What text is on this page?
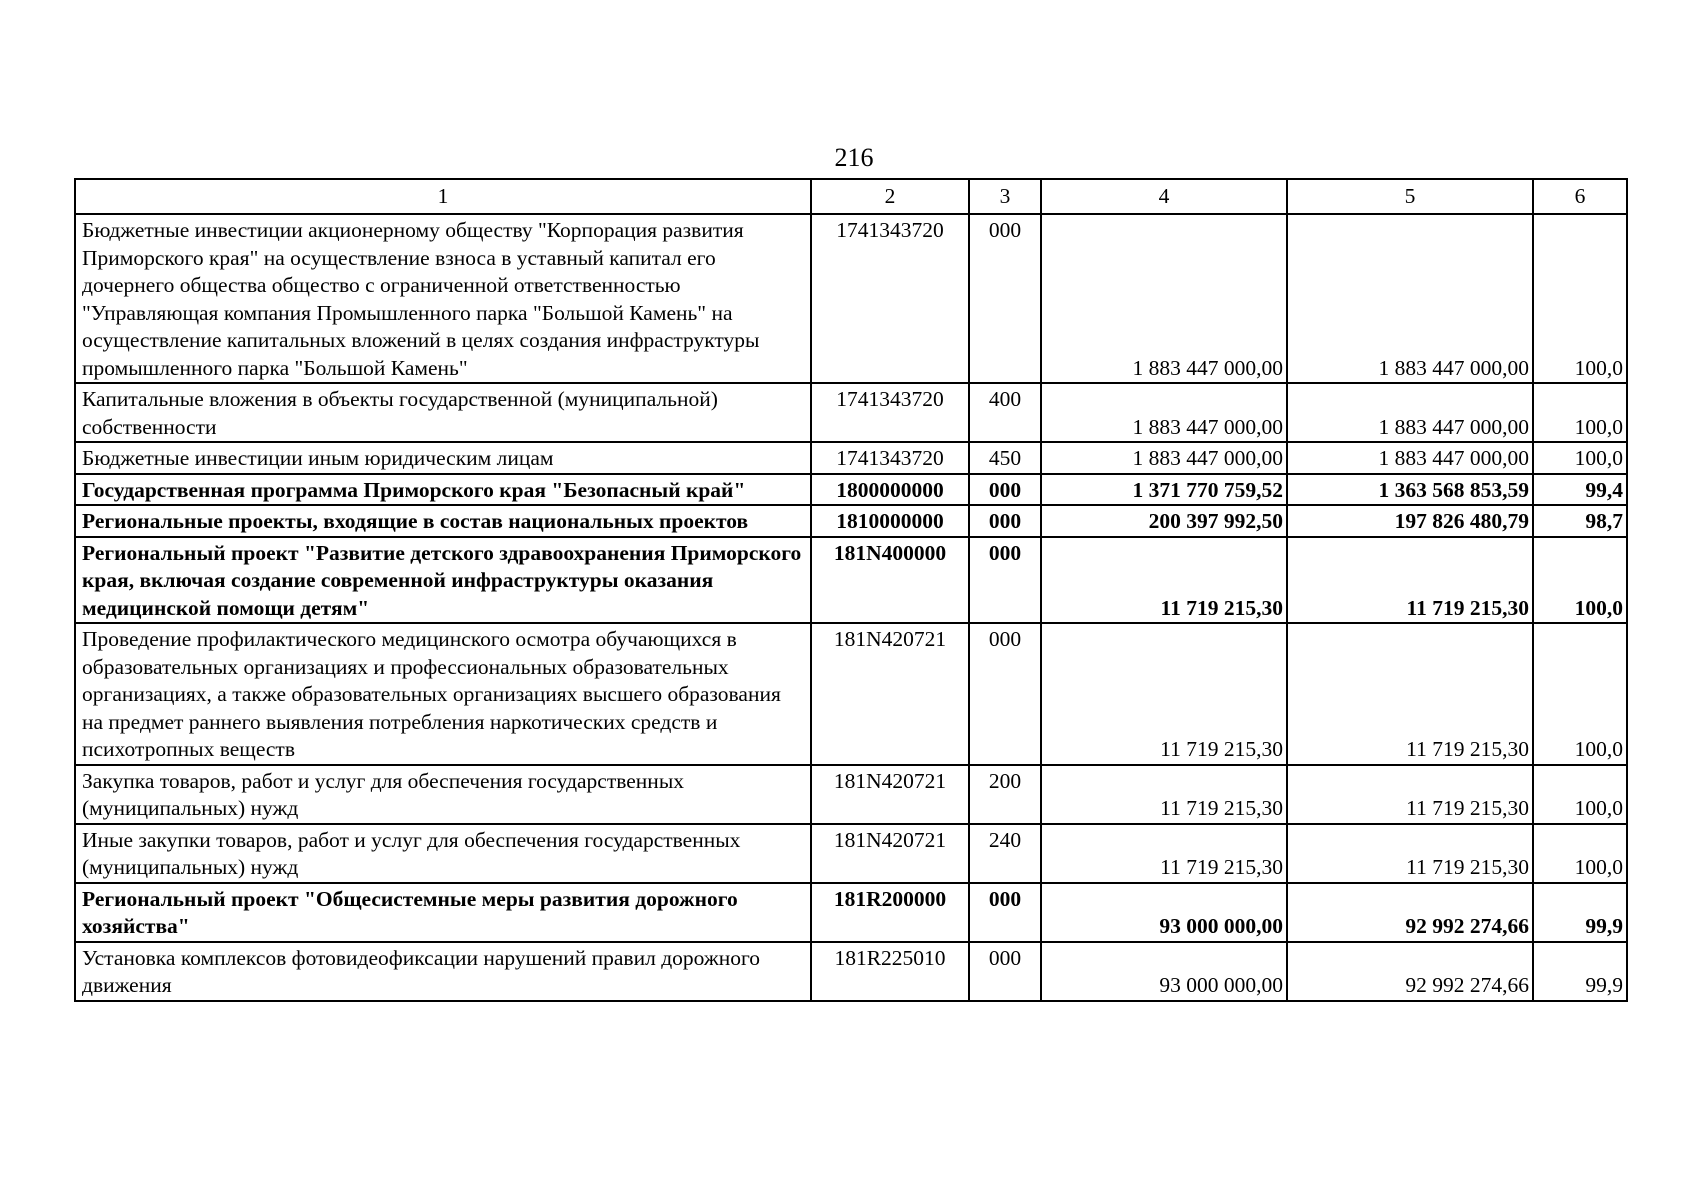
216
1	2	3	4	5	6
Бюджетные инвестиции акционерному обществу "Корпорация развития Приморского края" на осуществление взноса в уставный капитал его дочернего общества общество с ограниченной ответственностью "Управляющая компания Промышленного парка "Большой Камень" на осуществление капитальных вложений в целях создания инфраструктуры промышленного парка "Большой Камень"	1741343720	000	1 883 447 000,00	1 883 447 000,00	100,0
Капитальные вложения в объекты государственной (муниципальной) собственности	1741343720	400	1 883 447 000,00	1 883 447 000,00	100,0
Бюджетные инвестиции иным юридическим лицам	1741343720	450	1 883 447 000,00	1 883 447 000,00	100,0
Государственная программа Приморского края "Безопасный край"	1800000000	000	1 371 770 759,52	1 363 568 853,59	99,4
Региональные проекты, входящие в состав национальных проектов	1810000000	000	200 397 992,50	197 826 480,79	98,7
Региональный проект "Развитие детского здравоохранения Приморского края, включая создание современной инфраструктуры оказания медицинской помощи детям"	181N400000	000	11 719 215,30	11 719 215,30	100,0
Проведение профилактического медицинского осмотра обучающихся в образовательных организациях и профессиональных образовательных организациях, а также образовательных организациях высшего образования на предмет раннего выявления потребления наркотических средств и психотропных веществ	181N420721	000	11 719 215,30	11 719 215,30	100,0
Закупка товаров, работ и услуг для обеспечения государственных (муниципальных) нужд	181N420721	200	11 719 215,30	11 719 215,30	100,0
Иные закупки товаров, работ и услуг для обеспечения государственных (муниципальных) нужд	181N420721	240	11 719 215,30	11 719 215,30	100,0
Региональный проект "Общесистемные меры развития дорожного хозяйства"	181R200000	000	93 000 000,00	92 992 274,66	99,9
Установка комплексов фотовидеофиксации нарушений правил дорожного движения	181R225010	000	93 000 000,00	92 992 274,66	99,9
